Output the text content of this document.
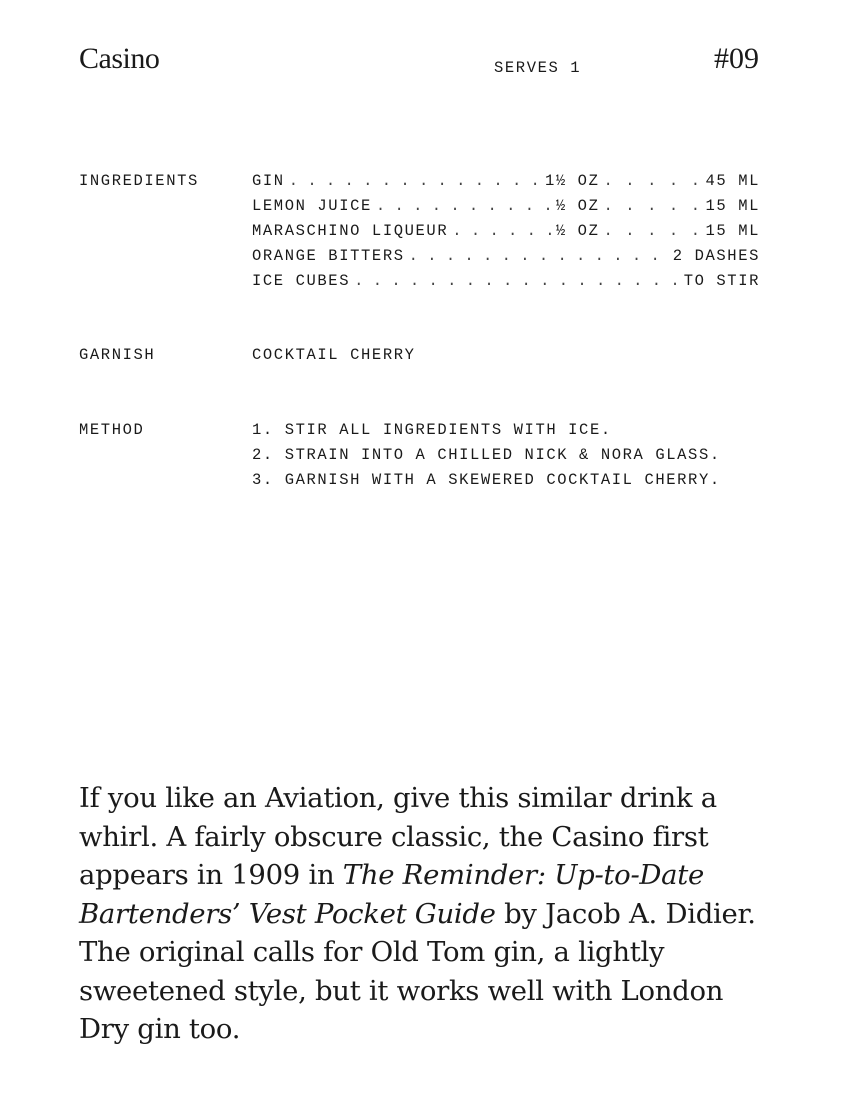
Casino	SERVES 1	#09
INGREDIENTS	GIN . . .	1½ OZ . . .	45 ML
LEMON JUICE . . .	½ OZ . . .	15 ML
MARASCHINO LIQUEUR . . .	½ OZ . . .	15 ML
ORANGE BITTERS . . .	2 DASHES
ICE CUBES . . .	TO STIR
GARNISH	COCKTAIL CHERRY
METHOD	1. STIR ALL INGREDIENTS WITH ICE.
2. STRAIN INTO A CHILLED NICK & NORA GLASS.
3. GARNISH WITH A SKEWERED COCKTAIL CHERRY.
If you like an Aviation, give this similar drink a whirl. A fairly obscure classic, the Casino first appears in 1909 in The Reminder: Up-to-Date Bartenders’ Vest Pocket Guide by Jacob A. Didier. The original calls for Old Tom gin, a lightly sweetened style, but it works well with London Dry gin too.
